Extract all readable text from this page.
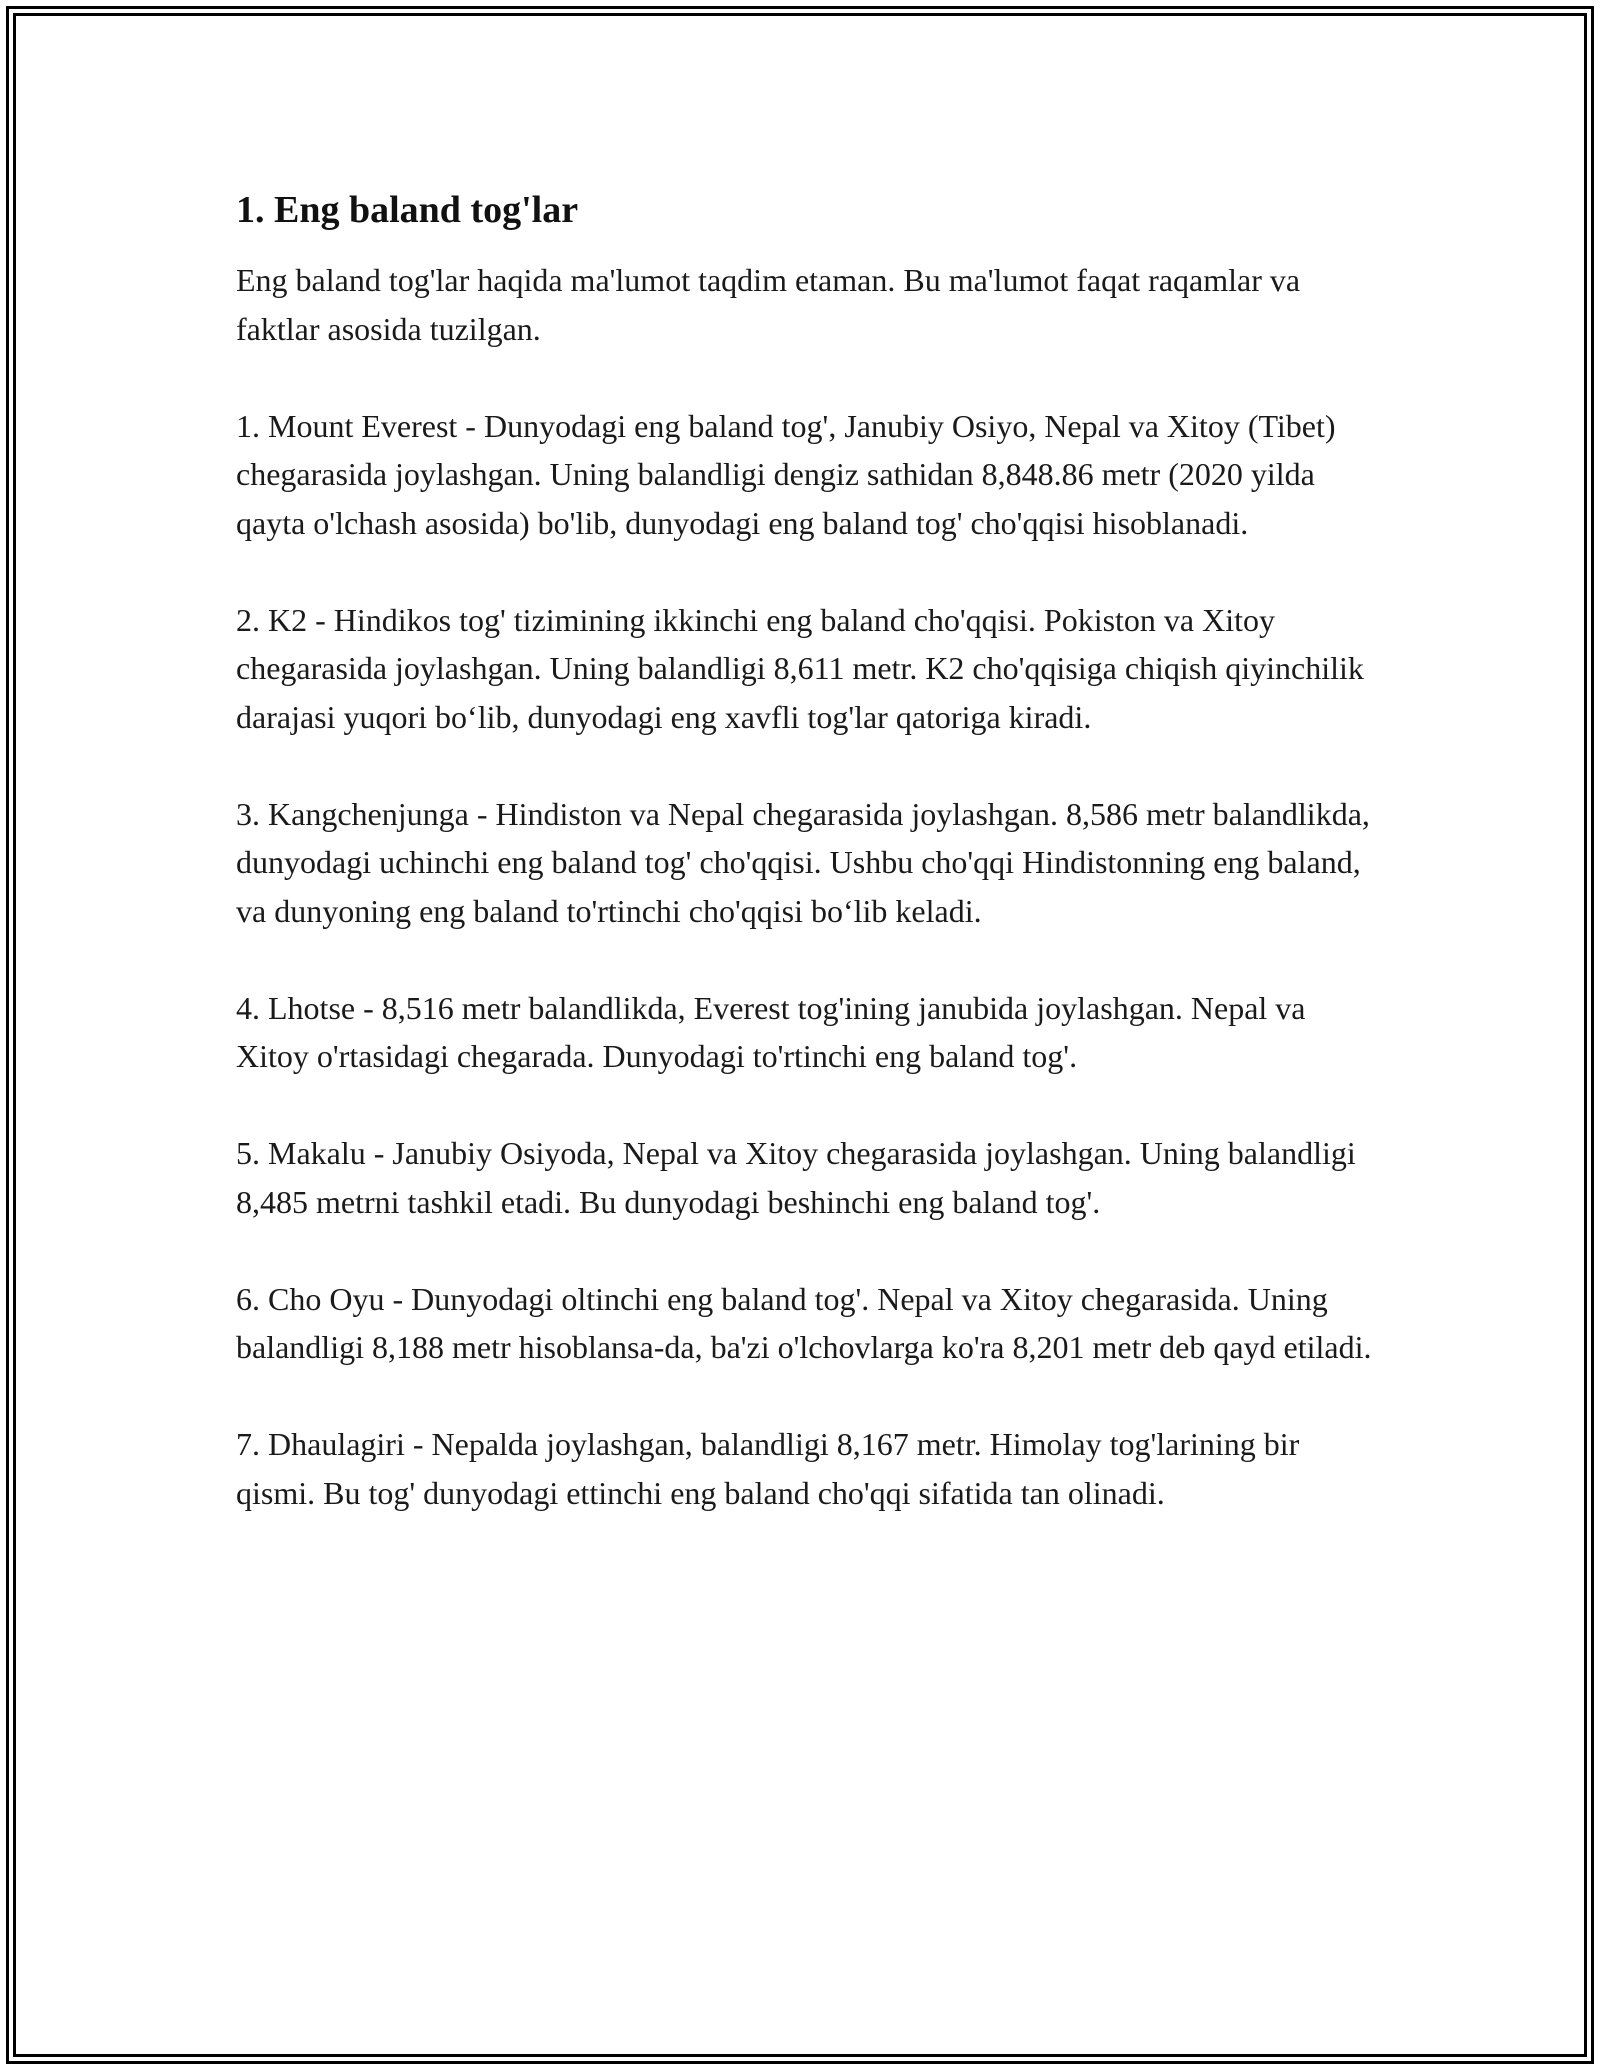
1. Eng baland tog'lar

Eng baland tog'lar haqida ma'lumot taqdim etaman. Bu ma'lumot faqat raqamlar va faktlar asosida tuzilgan.

1. Mount Everest - Dunyodagi eng baland tog', Janubiy Osiyo, Nepal va Xitoy (Tibet) chegarasida joylashgan. Uning balandligi dengiz sathidan 8,848.86 metr (2020 yilda qayta o'lchash asosida) bo'lib, dunyodagi eng baland tog' cho'qqisi hisoblanadi.

2. K2 - Hindikos tog' tizimining ikkinchi eng baland cho'qqisi. Pokiston va Xitoy chegarasida joylashgan. Uning balandligi 8,611 metr. K2 cho'qqisiga chiqish qiyinchilik darajasi yuqori bo‘lib, dunyodagi eng xavfli tog'lar qatoriga kiradi.

3. Kangchenjunga - Hindiston va Nepal chegarasida joylashgan. 8,586 metr balandlikda, dunyodagi uchinchi eng baland tog' cho'qqisi. Ushbu cho'qqi Hindistonning eng baland, va dunyoning eng baland to'rtinchi cho'qqisi bo‘lib keladi.

4. Lhotse - 8,516 metr balandlikda, Everest tog'ining janubida joylashgan. Nepal va Xitoy o'rtasidagi chegarada. Dunyodagi to'rtinchi eng baland tog'.

5. Makalu - Janubiy Osiyoda, Nepal va Xitoy chegarasida joylashgan. Uning balandligi 8,485 metrni tashkil etadi. Bu dunyodagi beshinchi eng baland tog'.

6. Cho Oyu - Dunyodagi oltinchi eng baland tog'. Nepal va Xitoy chegarasida. Uning balandligi 8,188 metr hisoblansa-da, ba'zi o'lchovlarga ko'ra 8,201 metr deb qayd etiladi.

7. Dhaulagiri - Nepalda joylashgan, balandligi 8,167 metr. Himolay tog'larining bir qismi. Bu tog' dunyodagi ettinchi eng baland cho'qqi sifatida tan olinadi.
